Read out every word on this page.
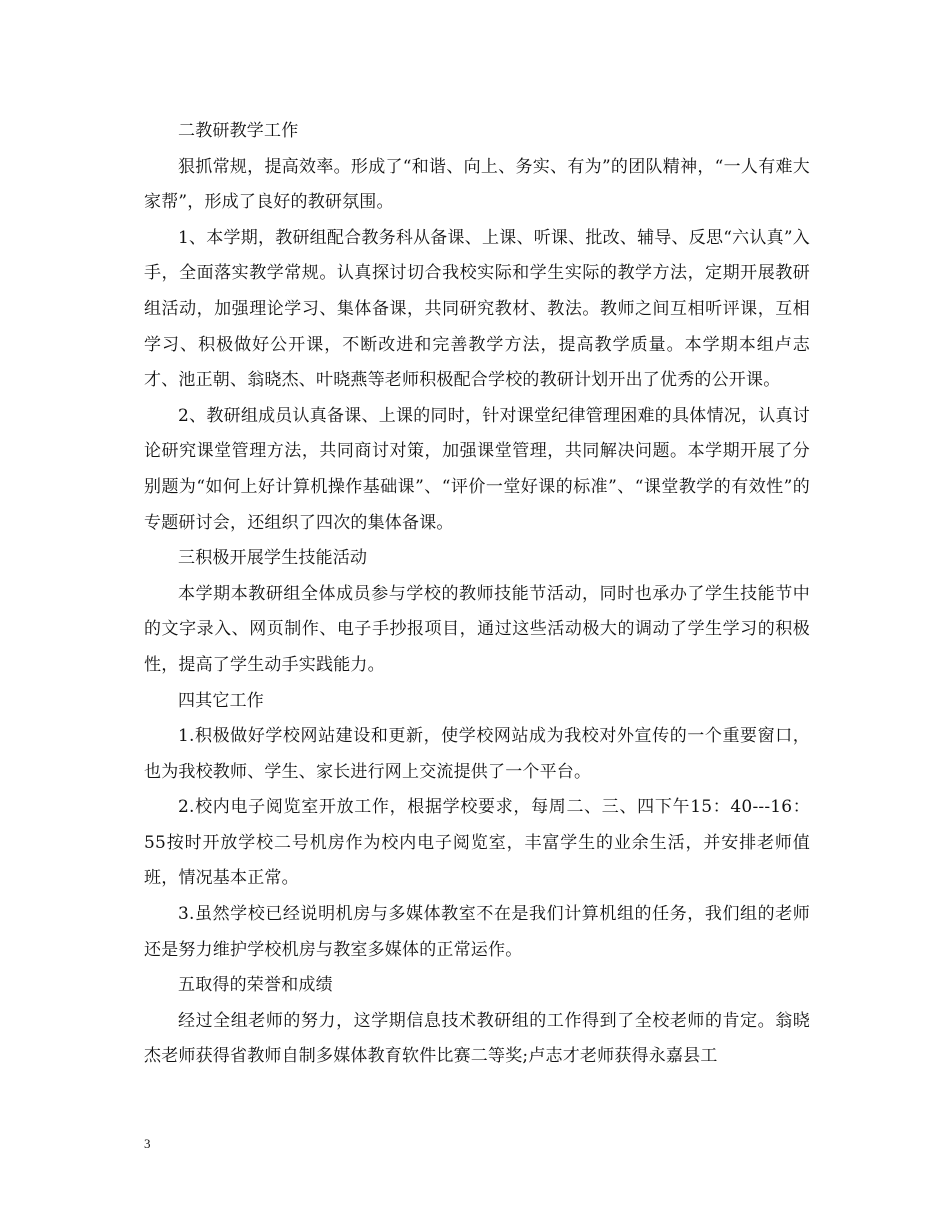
二教研教学工作

狠抓常规，提高效率。形成了“和谐、向上、务实、有为”的团队精神，“一人有难大家帮”，形成了良好的教研氛围。

1、本学期，教研组配合教务科从备课、上课、听课、批改、辅导、反思“六认真”入手，全面落实教学常规。认真探讨切合我校实际和学生实际的教学方法，定期开展教研组活动，加强理论学习、集体备课，共同研究教材、教法。教师之间互相听评课，互相学习、积极做好公开课，不断改进和完善教学方法，提高教学质量。本学期本组卢志才、池正朝、翁晓杰、叶晓燕等老师积极配合学校的教研计划开出了优秀的公开课。

2、教研组成员认真备课、上课的同时，针对课堂纪律管理困难的具体情况，认真讨论研究课堂管理方法，共同商讨对策，加强课堂管理，共同解决问题。本学期开展了分别题为“如何上好计算机操作基础课”、“评价一堂好课的标准”、“课堂教学的有效性”的专题研讨会，还组织了四次的集体备课。

三积极开展学生技能活动

本学期本教研组全体成员参与学校的教师技能节活动，同时也承办了学生技能节中的文字录入、网页制作、电子手抄报项目，通过这些活动极大的调动了学生学习的积极性，提高了学生动手实践能力。

四其它工作

1.积极做好学校网站建设和更新，使学校网站成为我校对外宣传的一个重要窗口，也为我校教师、学生、家长进行网上交流提供了一个平台。

2.校内电子阅览室开放工作，根据学校要求，每周二、三、四下午15：40---16：55按时开放学校二号机房作为校内电子阅览室，丰富学生的业余生活，并安排老师值班，情况基本正常。

3.虽然学校已经说明机房与多媒体教室不在是我们计算机组的任务，我们组的老师还是努力维护学校机房与教室多媒体的正常运作。

五取得的荣誉和成绩

经过全组老师的努力，这学期信息技术教研组的工作得到了全校老师的肯定。翁晓杰老师获得省教师自制多媒体教育软件比赛二等奖;卢志才老师获得永嘉县工

3
